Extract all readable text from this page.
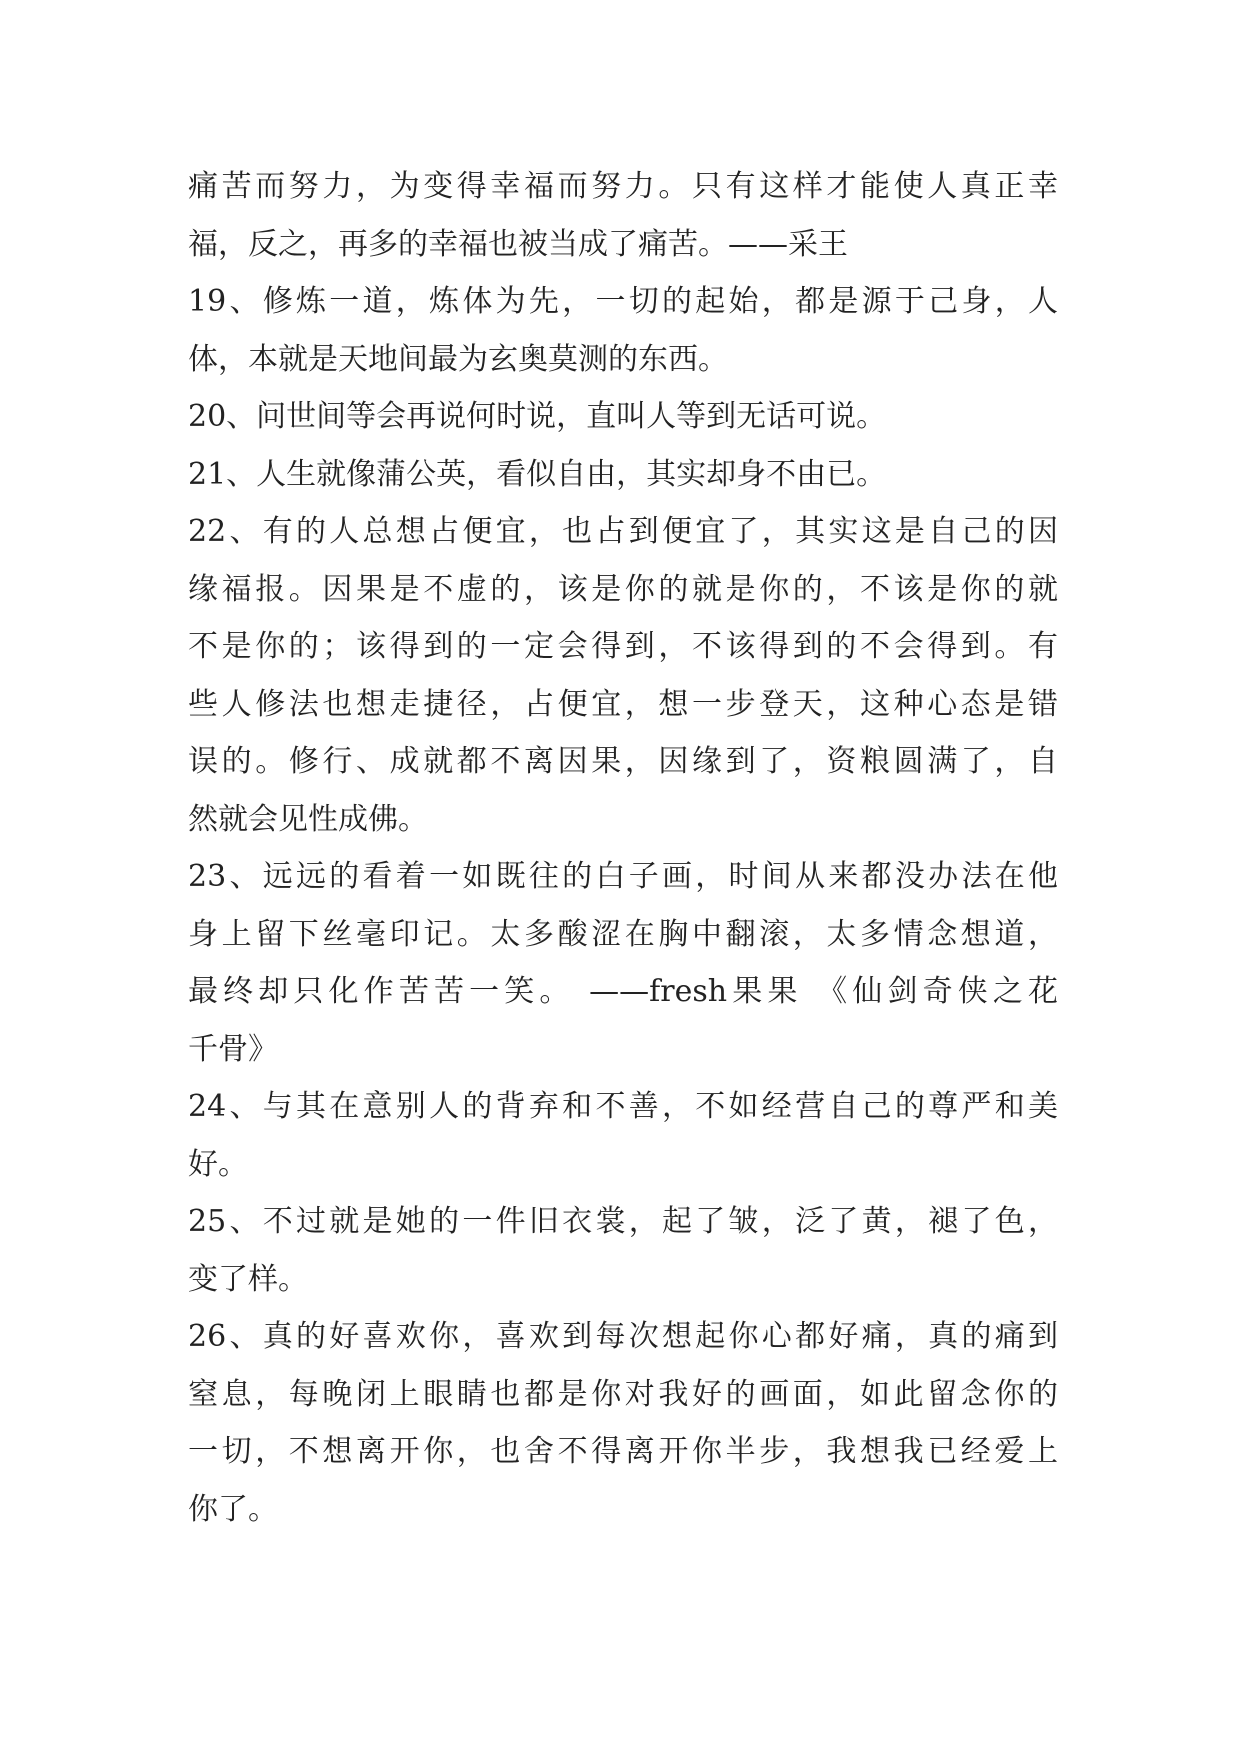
痛苦而努力，为变得幸福而努力。只有这样才能使人真正幸
福，反之，再多的幸福也被当成了痛苦。——采王
19、修炼一道，炼体为先，一切的起始，都是源于己身，人
体，本就是天地间最为玄奥莫测的东西。
20、问世间等会再说何时说，直叫人等到无话可说。
21、人生就像蒲公英，看似自由，其实却身不由已。
22、有的人总想占便宜，也占到便宜了，其实这是自己的因
缘福报。因果是不虚的，该是你的就是你的，不该是你的就
不是你的；该得到的一定会得到，不该得到的不会得到。有
些人修法也想走捷径，占便宜，想一步登天，这种心态是错
误的。修行、成就都不离因果，因缘到了，资粮圆满了，自
然就会见性成佛。
23、远远的看着一如既往的白子画，时间从来都没办法在他
身上留下丝毫印记。太多酸涩在胸中翻滚，太多情念想道，
最终却只化作苦苦一笑。 ——fresh果果 《仙剑奇侠之花
千骨》
24、与其在意别人的背弃和不善，不如经营自己的尊严和美
好。
25、不过就是她的一件旧衣裳，起了皱，泛了黄，褪了色，
变了样。
26、真的好喜欢你，喜欢到每次想起你心都好痛，真的痛到
窒息，每晚闭上眼睛也都是你对我好的画面，如此留念你的
一切，不想离开你，也舍不得离开你半步，我想我已经爱上
你了。
